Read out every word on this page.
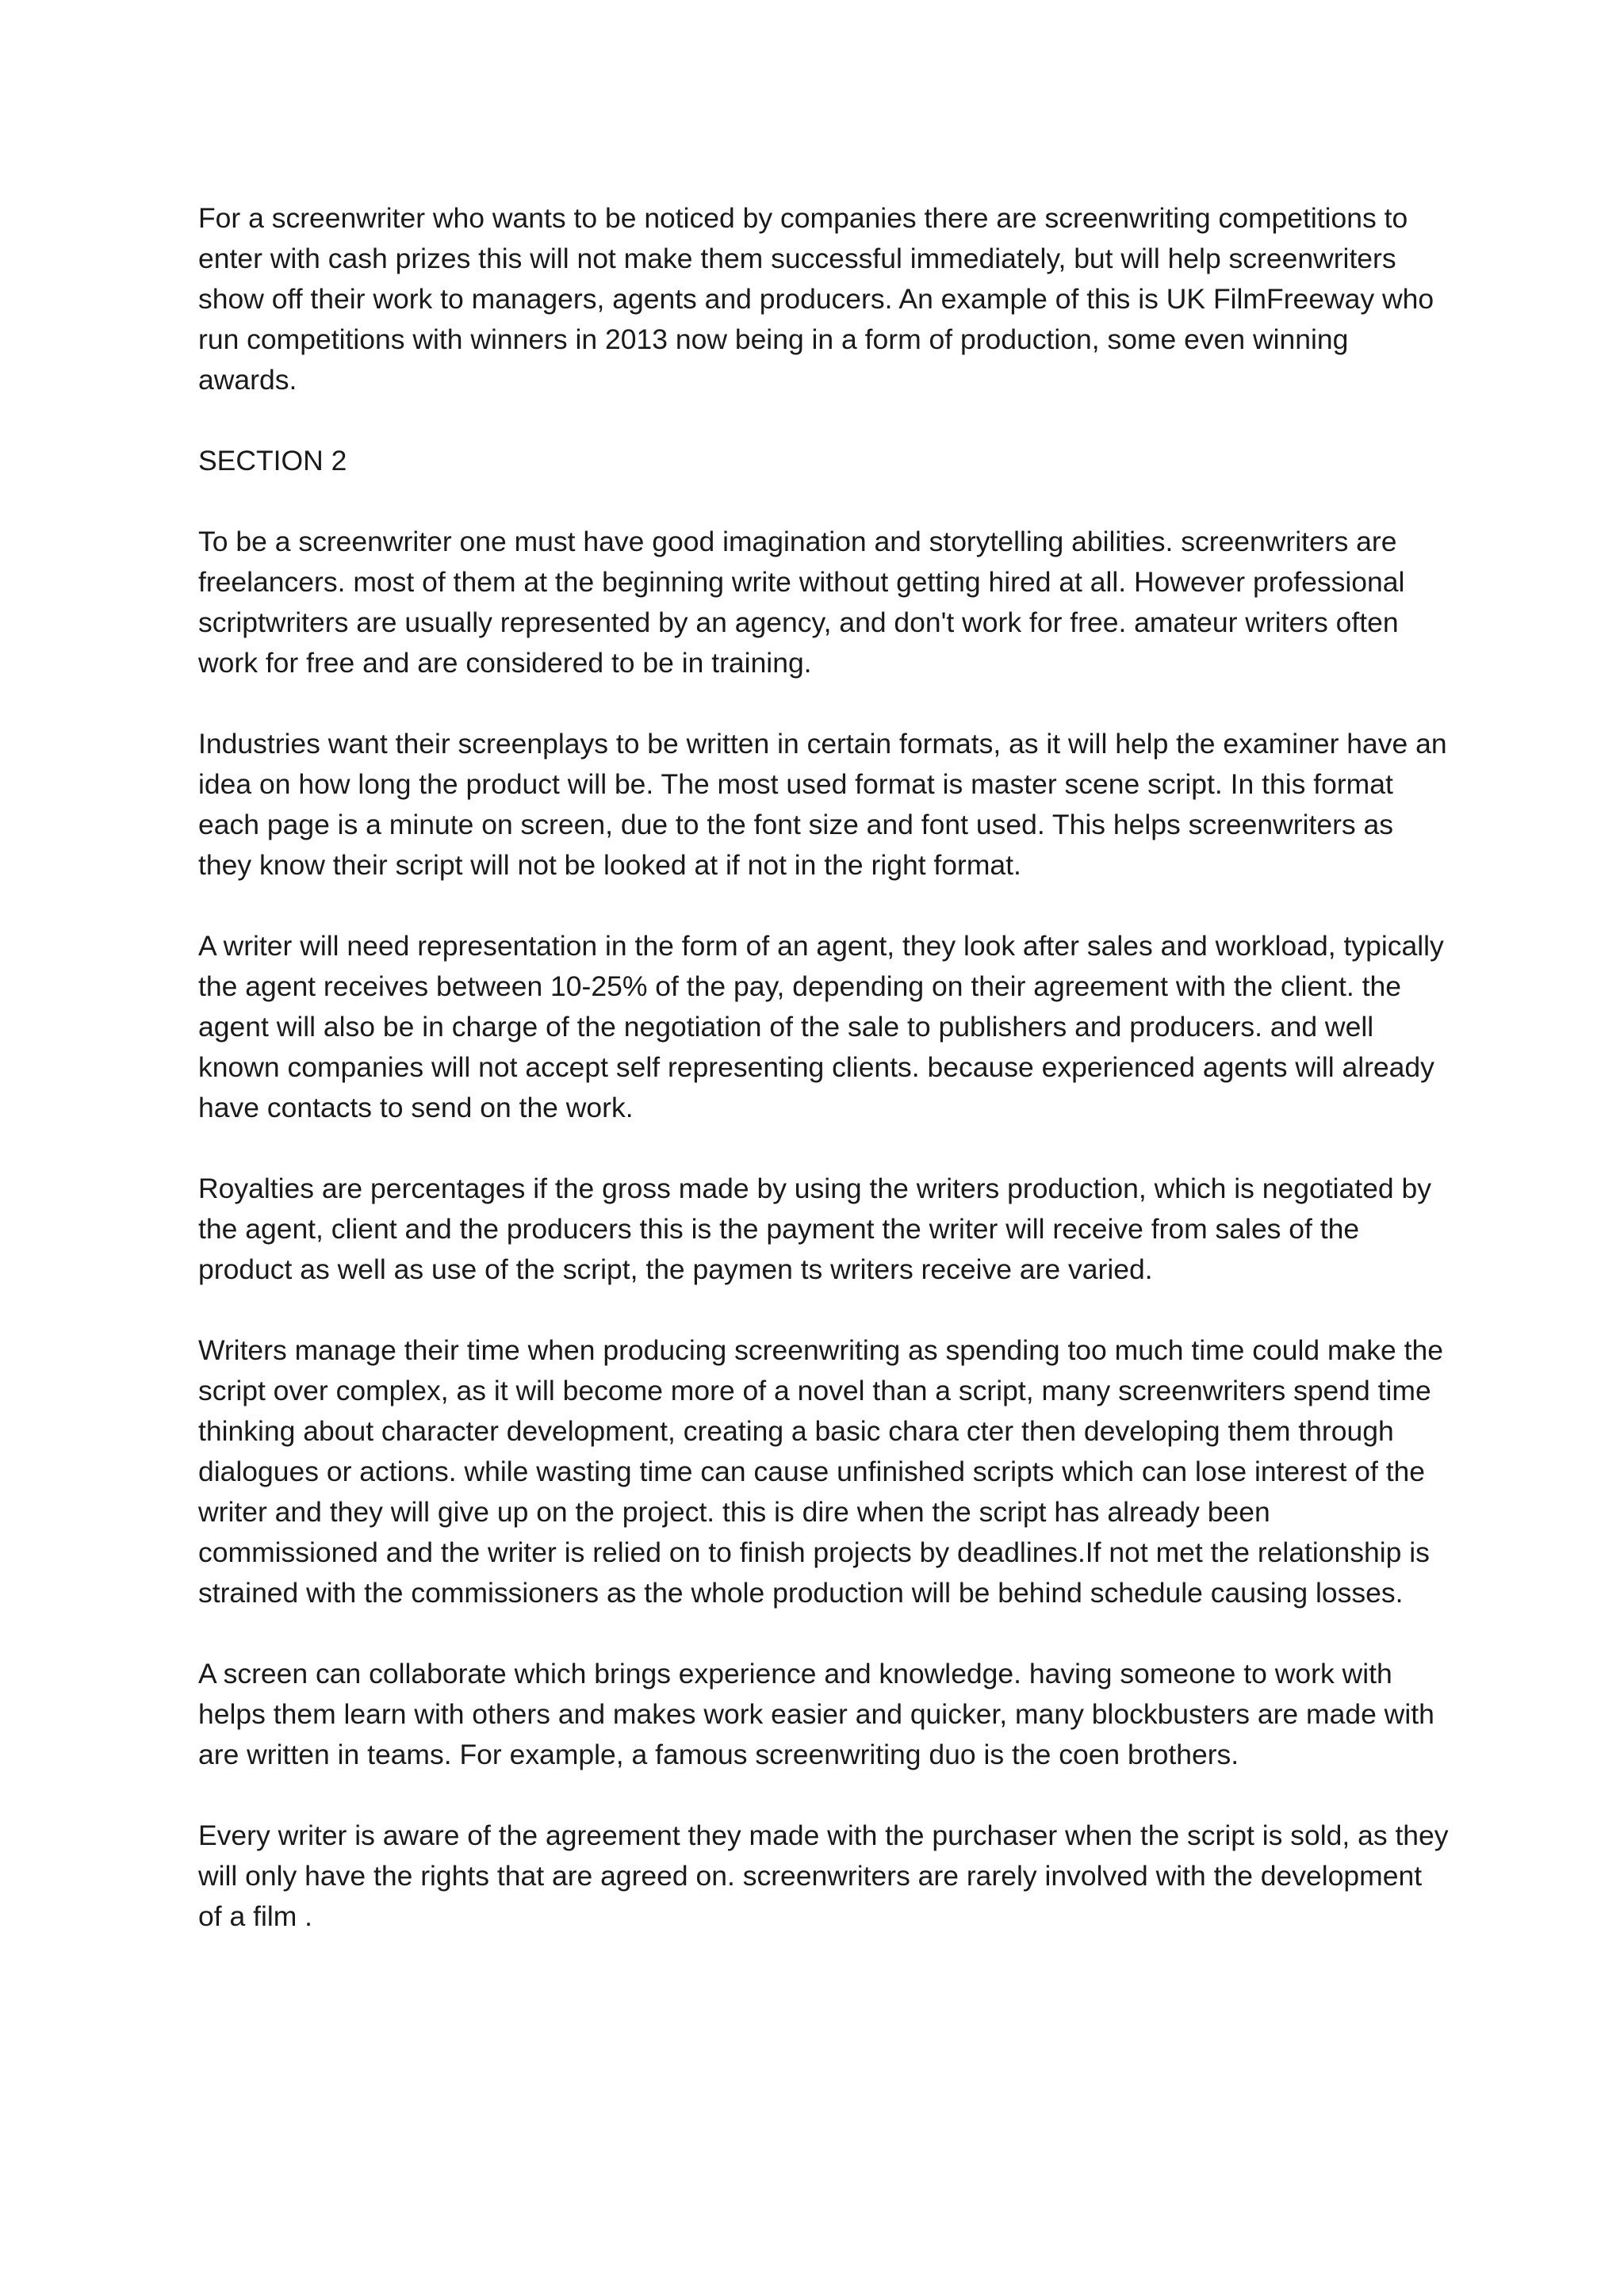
For a screenwriter who wants to be noticed by companies there are screenwriting competitions to enter with cash prizes this will not make them successful immediately, but will help screenwriters show off their work to managers, agents and producers. An example of this is UK FilmFreeway who run competitions with winners in 2013 now being in a form of production, some even winning awards.

SECTION 2

To be a screenwriter one must have good imagination and storytelling abilities. screenwriters are freelancers. most of them at the beginning write without getting hired at all. However professional scriptwriters are usually represented by an agency, and don't work for free. amateur writers often work for free and are considered to be in training.

Industries want their screenplays to be written in certain formats, as it will help the examiner have an idea on how long the product will be. The most used format is master scene script. In this format each page is a minute on screen, due to the font size and font used. This helps screenwriters as they know their script will not be looked at if not in the right format.

A writer will need representation in the form of an agent, they look after sales and workload, typically the agent receives between 10-25% of the pay, depending on their agreement with the client. the agent will also be in charge of the negotiation of the sale to publishers and producers. and well known companies will not accept self representing clients. because experienced agents will already have contacts to send on the work.

Royalties are percentages if the gross made by using the writers production, which is negotiated by the agent, client and the producers this is the payment the writer will receive from sales of the product as well as use of the script, the paymen ts writers receive are varied.

Writers manage their time when producing screenwriting as spending too much time could make the script over complex, as it will become more of a novel than a script, many screenwriters spend time thinking about character development, creating a basic chara cter then developing them through dialogues or actions. while wasting time can cause unfinished scripts which can lose interest of the writer and they will give up on the project. this is dire when the script has already been commissioned and the writer is relied on to finish projects by deadlines.If not met the relationship is strained with the commissioners as the whole production will be behind schedule causing losses.

A screen can collaborate which brings experience and knowledge. having someone to work with helps them learn with others and makes work easier and quicker, many blockbusters are made with are written in teams. For example, a famous screenwriting duo is the coen brothers.

Every writer is aware of the agreement they made with the purchaser when the script is sold, as they will only have the rights that are agreed on. screenwriters are rarely involved with the development of a film .
